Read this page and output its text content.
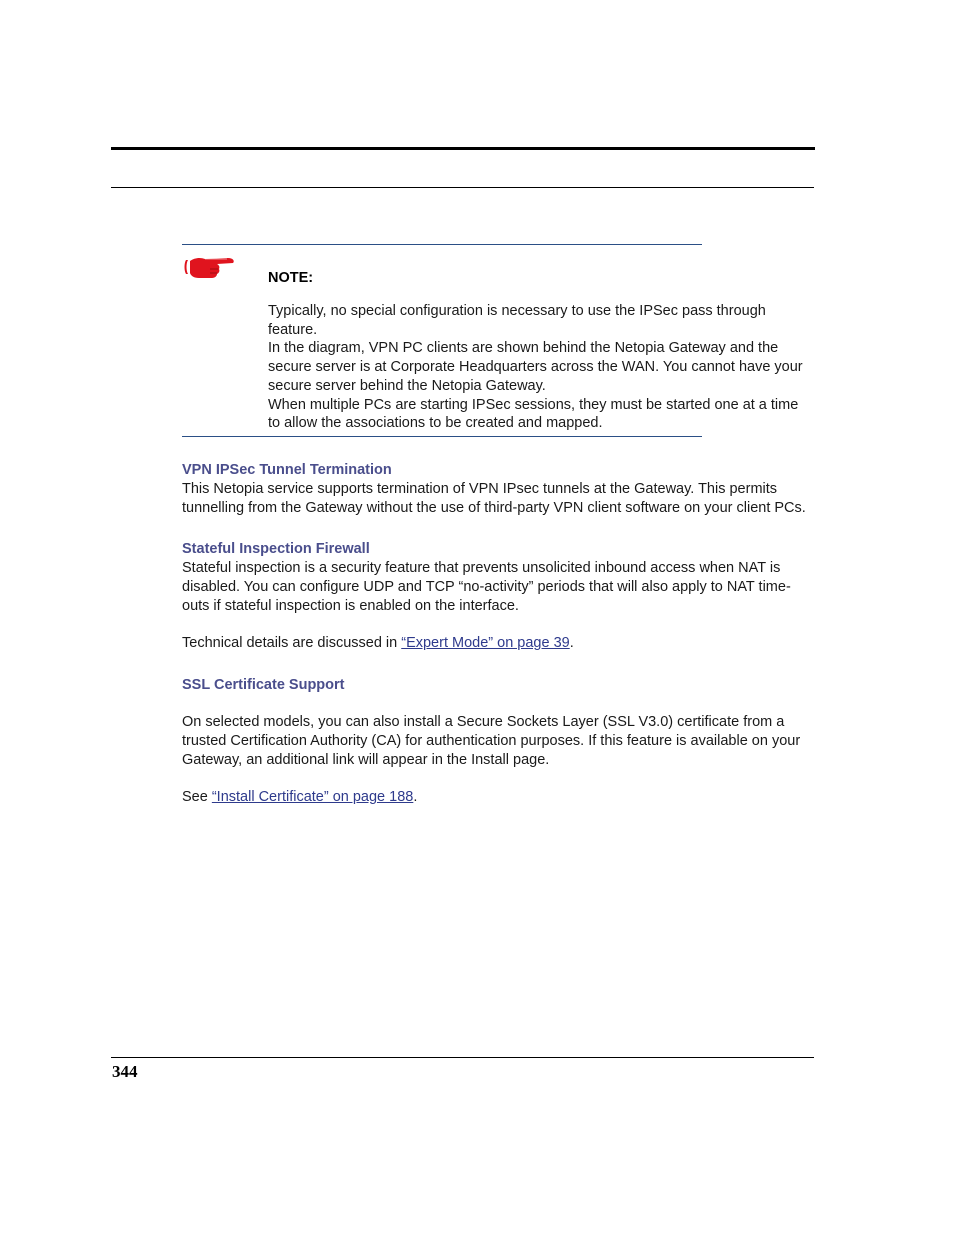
NOTE:

Typically, no special configuration is necessary to use the IPSec pass through feature.

In the diagram, VPN PC clients are shown behind the Netopia Gateway and the secure server is at Corporate Headquarters across the WAN. You cannot have your secure server behind the Netopia Gateway.

When multiple PCs are starting IPSec sessions, they must be started one at a time to allow the associations to be created and mapped.

VPN IPSec Tunnel Termination

This Netopia service supports termination of VPN IPsec tunnels at the Gateway. This permits tunnelling from the Gateway without the use of third-party VPN client software on your client PCs.

Stateful Inspection Firewall

Stateful inspection is a security feature that prevents unsolicited inbound access when NAT is disabled. You can configure UDP and TCP “no-activity” periods that will also apply to NAT time-outs if stateful inspection is enabled on the interface.

Technical details are discussed in “Expert Mode” on page 39.

SSL Certificate Support

On selected models, you can also install a Secure Sockets Layer (SSL V3.0) certificate from a trusted Certification Authority (CA) for authentication purposes. If this feature is available on your Gateway, an additional link will appear in the Install page.

See “Install Certificate” on page 188.

344
